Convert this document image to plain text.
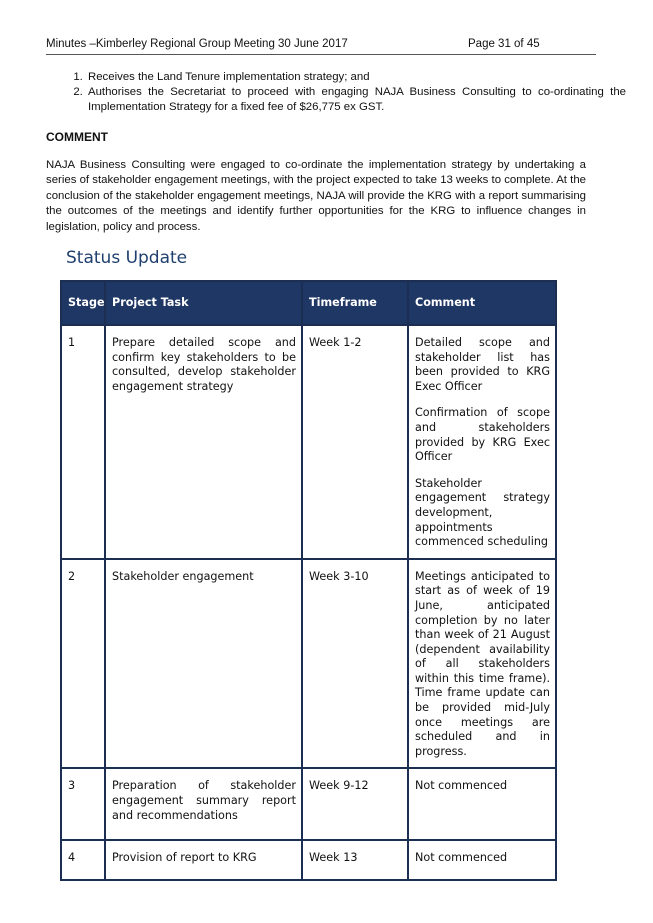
Minutes –Kimberley Regional Group Meeting 30 June 2017	Page 31 of 45
1. Receives the Land Tenure implementation strategy; and
2. Authorises the Secretariat to proceed with engaging NAJA Business Consulting to co-ordinating the Implementation Strategy for a fixed fee of $26,775 ex GST.
COMMENT

NAJA Business Consulting were engaged to co-ordinate the implementation strategy by undertaking a series of stakeholder engagement meetings, with the project expected to take 13 weeks to complete. At the conclusion of the stakeholder engagement meetings, NAJA will provide the KRG with a report summarising the outcomes of the meetings and identify further opportunities for the KRG to influence changes in legislation, policy and process.

Status Update
Stage	Project Task	Timeframe	Comment
1	Prepare detailed scope and confirm key stakeholders to be consulted, develop stakeholder engagement strategy	Week 1-2	Detailed scope and stakeholder list has been provided to KRG Exec Officer

Confirmation of scope and stakeholders provided by KRG Exec Officer

Stakeholder engagement strategy development, appointments commenced scheduling

2	Stakeholder engagement	Week 3-10	Meetings anticipated to start as of week of 19 June, anticipated completion by no later than week of 21 August (dependent availability of all stakeholders within this time frame). Time frame update can be provided mid-July once meetings are scheduled and in progress.

3	Preparation of stakeholder engagement summary report and recommendations	Week 9-12	Not commenced

4	Provision of report to KRG	Week 13	Not commenced
